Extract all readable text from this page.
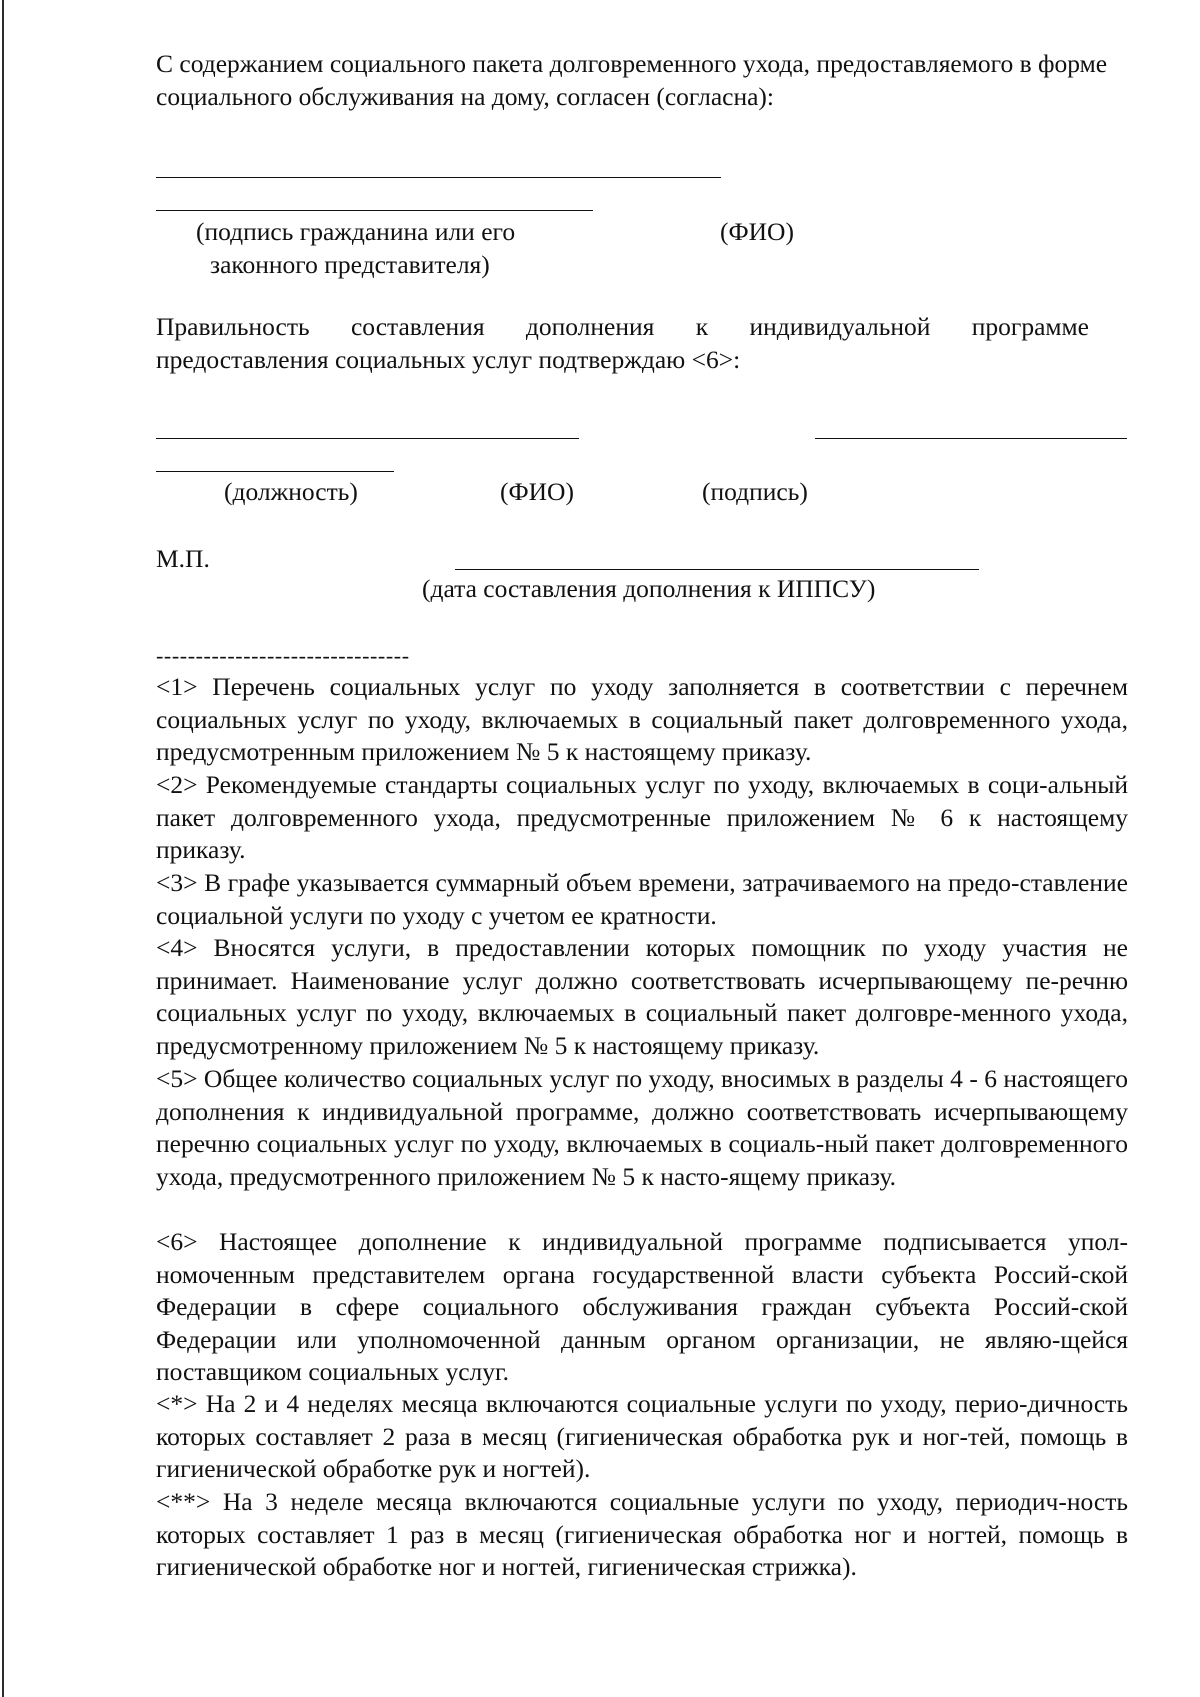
С содержанием социального пакета долговременного ухода, предоставляемого в форме социального обслуживания на дому, согласен (согласна):

(подпись гражданина или его
законного представителя)
(ФИО)

Правильность составления дополнения к индивидуальной программе предоставления социальных услуг подтверждаю <6>:

(должность)	(ФИО)	(подпись)
М.П.
(дата составления дополнения к ИППСУ)
--------------------------------

<1> Перечень социальных услуг по уходу заполняется в соответствии с перечнем социальных услуг по уходу, включаемых в социальный пакет долговременного ухода, предусмотренным приложением № 5 к настоящему приказу.

<2> Рекомендуемые стандарты социальных услуг по уходу, включаемых в соци-альный пакет долговременного ухода, предусмотренные приложением № 6 к настоящему приказу.

<3> В графе указывается суммарный объем времени, затрачиваемого на предо-ставление социальной услуги по уходу с учетом ее кратности.

<4> Вносятся услуги, в предоставлении которых помощник по уходу участия не принимает. Наименование услуг должно соответствовать исчерпывающему пе-речню социальных услуг по уходу, включаемых в социальный пакет долговре-менного ухода, предусмотренному приложением № 5 к настоящему приказу.

<5> Общее количество социальных услуг по уходу, вносимых в разделы 4 - 6 настоящего дополнения к индивидуальной программе, должно соответствовать исчерпывающему перечню социальных услуг по уходу, включаемых в социаль-ный пакет долговременного ухода, предусмотренного приложением № 5 к насто-ящему приказу.

<6> Настоящее дополнение к индивидуальной программе подписывается упол-номоченным представителем органа государственной власти субъекта Россий-ской Федерации в сфере социального обслуживания граждан субъекта Россий-ской Федерации или уполномоченной данным органом организации, не являю-щейся поставщиком социальных услуг.

<*> На 2 и 4 неделях месяца включаются социальные услуги по уходу, перио-дичность которых составляет 2 раза в месяц (гигиеническая обработка рук и ног-тей, помощь в гигиенической обработке рук и ногтей).

<**> На 3 неделе месяца включаются социальные услуги по уходу, периодич-ность которых составляет 1 раз в месяц (гигиеническая обработка ног и ногтей, помощь в гигиенической обработке ног и ногтей, гигиеническая стрижка).
